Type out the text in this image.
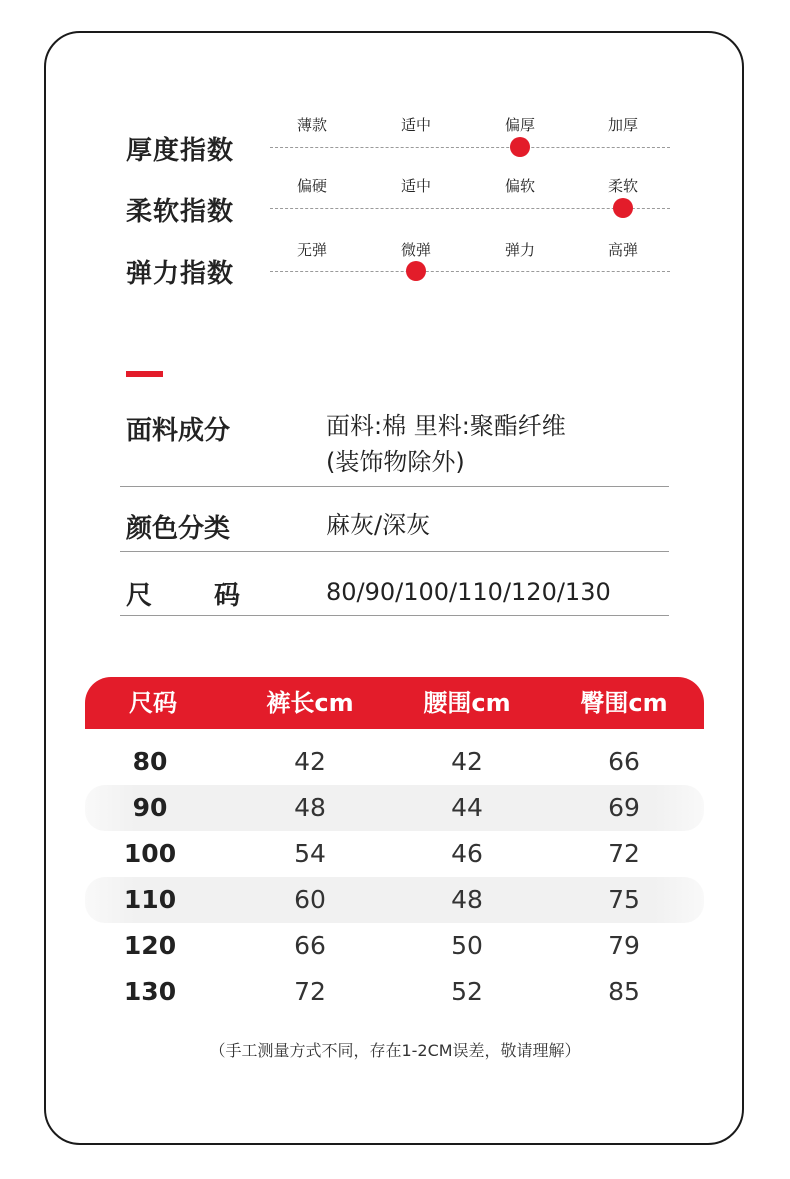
厚度指数
薄款	适中	偏厚	加厚
柔软指数
偏硬	适中	偏软	柔软
弹力指数
无弹	微弹	弹力	高弹
面料成分	面料:棉 里料:聚酯纤维
(装饰物除外)
颜色分类	麻灰/深灰
尺 码	80/90/100/110/120/130
尺码	裤长cm	腰围cm	臀围cm
80	42	42	66
90	48	44	69
100	54	46	72
110	60	48	75
120	66	50	79
130	72	52	85
（手工测量方式不同，存在1-2CM误差，敬请理解）
